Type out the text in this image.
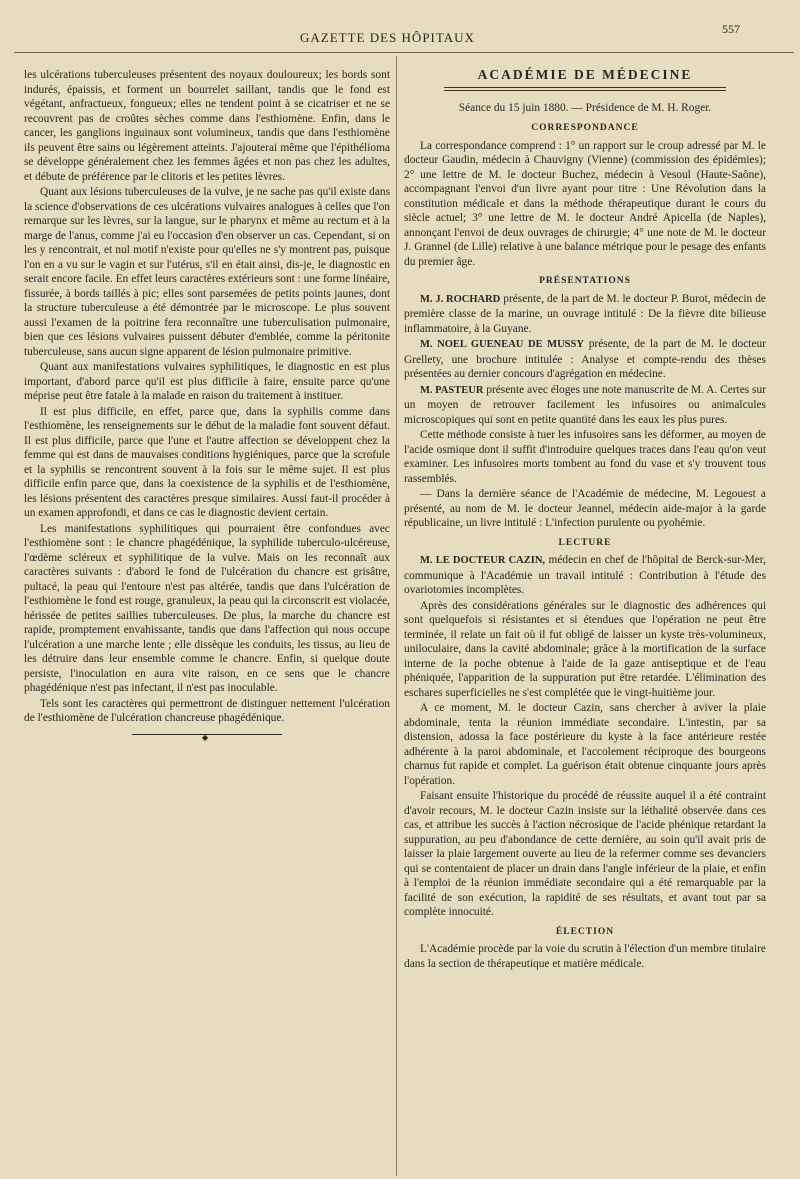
GAZETTE DES HÔPITAUX
557

les ulcérations tuberculeuses présentent des noyaux douloureux; les bords sont indurés, épaissis, et forment un bourrelet saillant, tandis que le fond est végétant, anfractueux, fongueux; elles ne tendent point à se cicatriser et ne se recouvrent pas de croûtes sèches comme dans l'esthiomène. Enfin, dans le cancer, les ganglions inguinaux sont volumineux, tandis que dans l'esthiomène ils peuvent être sains ou légèrement atteints. J'ajouterai même que l'épithélioma se développe généralement chez les femmes âgées et non pas chez les adultes, et débute de préférence par le clitoris et les petites lèvres.

Quant aux lésions tuberculeuses de la vulve, je ne sache pas qu'il existe dans la science d'observations de ces ulcérations vulvaires analogues à celles que l'on remarque sur les lèvres, sur la langue, sur le pharynx et même au rectum et à la marge de l'anus, comme j'ai eu l'occasion d'en observer un cas. Cependant, si on les y rencontrait, et nul motif n'existe pour qu'elles ne s'y montrent pas, puisque l'on en a vu sur le vagin et sur l'utérus, s'il en était ainsi, dis-je, le diagnostic en serait encore facile. En effet leurs caractères extérieurs sont : une forme linéaire, fissurée, à bords taillés à pic; elles sont parsemées de petits points jaunes, dont la structure tuberculeuse a été démontrée par le microscope. Le plus souvent aussi l'examen de la poitrine fera reconnaître une tuberculisation pulmonaire, bien que ces lésions vulvaires puissent débuter d'emblée, comme la péritonite tuberculeuse, sans aucun signe apparent de lésion pulmonaire primitive.

Quant aux manifestations vulvaires syphilitiques, le diagnostic en est plus important, d'abord parce qu'il est plus difficile à faire, ensuite parce qu'une méprise peut être fatale à la malade en raison du traitement à instituer.

Il est plus difficile, en effet, parce que, dans la syphilis comme dans l'esthiomène, les renseignements sur le début de la maladie font souvent défaut. Il est plus difficile, parce que l'une et l'autre affection se développent chez la femme qui est dans de mauvaises conditions hygiéniques, parce que la scrofule et la syphilis se rencontrent souvent à la fois sur le même sujet. Il est plus difficile enfin parce que, dans la coexistence de la syphilis et de l'esthiomène, les lésions présentent des caractères presque similaires. Aussi faut-il procéder à un examen approfondi, et dans ce cas le diagnostic devient certain.

Les manifestations syphilitiques qui pourraient être confondues avec l'esthiomène sont : le chancre phagédénique, la syphilide tuberculo-ulcéreuse, l'œdème scléreux et syphilitique de la vulve. Mais on les reconnaît aux caractères suivants : d'abord le fond de l'ulcération du chancre est grisâtre, pultacé, la peau qui l'entoure n'est pas altérée, tandis que dans l'ulcération de l'esthiomène le fond est rouge, granuleux, la peau qui la circonscrit est violacée, hérissée de petites saillies tuberculeuses. De plus, la marche du chancre est rapide, promptement envahissante, tandis que dans l'affection qui nous occupe l'ulcération a une marche lente ; elle dissèque les conduits, les tissus, au lieu de les détruire dans leur ensemble comme le chancre. Enfin, si quelque doute persiste, l'inoculation en aura vite raison, en ce sens que le chancre phagédénique n'est pas infectant, il n'est pas inoculable.

Tels sont les caractères qui permettront de distinguer nettement l'ulcération de l'esthiomène de l'ulcération chancreuse phagédénique.

◆
ACADÉMIE DE MÉDECINE
Séance du 15 juin 1880. — Présidence de M. H. Roger.
CORRESPONDANCE

La correspondance comprend : 1° un rapport sur le croup adressé par M. le docteur Gaudin, médecin à Chauvigny (Vienne) (commission des épidémies); 2° une lettre de M. le docteur Buchez, médecin à Vesoul (Haute-Saône), accompagnant l'envoi d'un livre ayant pour titre : Une Révolution dans la constitution médicale et dans la méthode thérapeutique durant le cours du siècle actuel; 3° une lettre de M. le docteur André Apicella (de Naples), annonçant l'envoi de deux ouvrages de chirurgie; 4° une note de M. le docteur J. Grannel (de Lille) relative à une balance métrique pour le pesage des enfants du premier âge.

PRÉSENTATIONS

M. J. ROCHARD présente, de la part de M. le docteur P. Burot, médecin de première classe de la marine, un ouvrage intitulé : De la fièvre dite bilieuse inflammatoire, à la Guyane.

M. NOEL GUENEAU DE MUSSY présente, de la part de M. le docteur Grellety, une brochure intitulée : Analyse et compte-rendu des thèses présentées au dernier concours d'agrégation en médecine.

M. PASTEUR présente avec éloges une note manuscrite de M. A. Certes sur un moyen de retrouver facilement les infusoires ou animalcules microscopiques qui sont en petite quantité dans les eaux les plus pures.

Cette méthode consiste à tuer les infusoires sans les déformer, au moyen de l'acide osmique dont il suffit d'introduire quelques traces dans l'eau qu'on veut examiner. Les infusoires morts tombent au fond du vase et s'y trouvent tous rassemblés.

— Dans la dernière séance de l'Académie de médecine, M. Legouest a présenté, au nom de M. le docteur Jeannel, médecin aide-major à la garde républicaine, un livre intitulé : L'infection purulente ou pyohémie.

LECTURE

M. LE DOCTEUR CAZIN, médecin en chef de l'hôpital de Berck-sur-Mer, communique à l'Académie un travail intitulé : Contribution à l'étude des ovariotomies incomplètes.

Après des considérations générales sur le diagnostic des adhérences qui sont quelquefois si résistantes et si étendues que l'opération ne peut être terminée, il relate un fait où il fut obligé de laisser un kyste très-volumineux, uniloculaire, dans la cavité abdominale; grâce à la mortification de la surface interne de la poche obtenue à l'aide de la gaze antiseptique et de l'eau phéniquée, l'apparition de la suppuration put être retardée. L'élimination des eschares superficielles ne s'est complétée que le vingt-huitième jour.

A ce moment, M. le docteur Cazin, sans chercher à aviver la plaie abdominale, tenta la réunion immédiate secondaire. L'intestin, par sa distension, adossa la face postérieure du kyste à la face antérieure restée adhérente à la paroi abdominale, et l'accolement réciproque des bourgeons charnus fut rapide et complet. La guérison était obtenue cinquante jours après l'opération.

Faisant ensuite l'historique du procédé de réussite auquel il a été contraint d'avoir recours, M. le docteur Cazin insiste sur la léthalité observée dans ces cas, et attribue les succès à l'action nécrosique de l'acide phénique retardant la suppuration, au peu d'abondance de cette dernière, au soin qu'il avait pris de laisser la plaie largement ouverte au lieu de la refermer comme ses devanciers qui se contentaient de placer un drain dans l'angle inférieur de la plaie, et enfin à l'emploi de la réunion immédiate secondaire qui a été remarquable par la facilité de son exécution, la rapidité de ses résultats, et avant tout par sa complète innocuité.

ÉLECTION

L'Académie procède par la voie du scrutin à l'élection d'un membre titulaire dans la section de thérapeutique et matière médicale.
